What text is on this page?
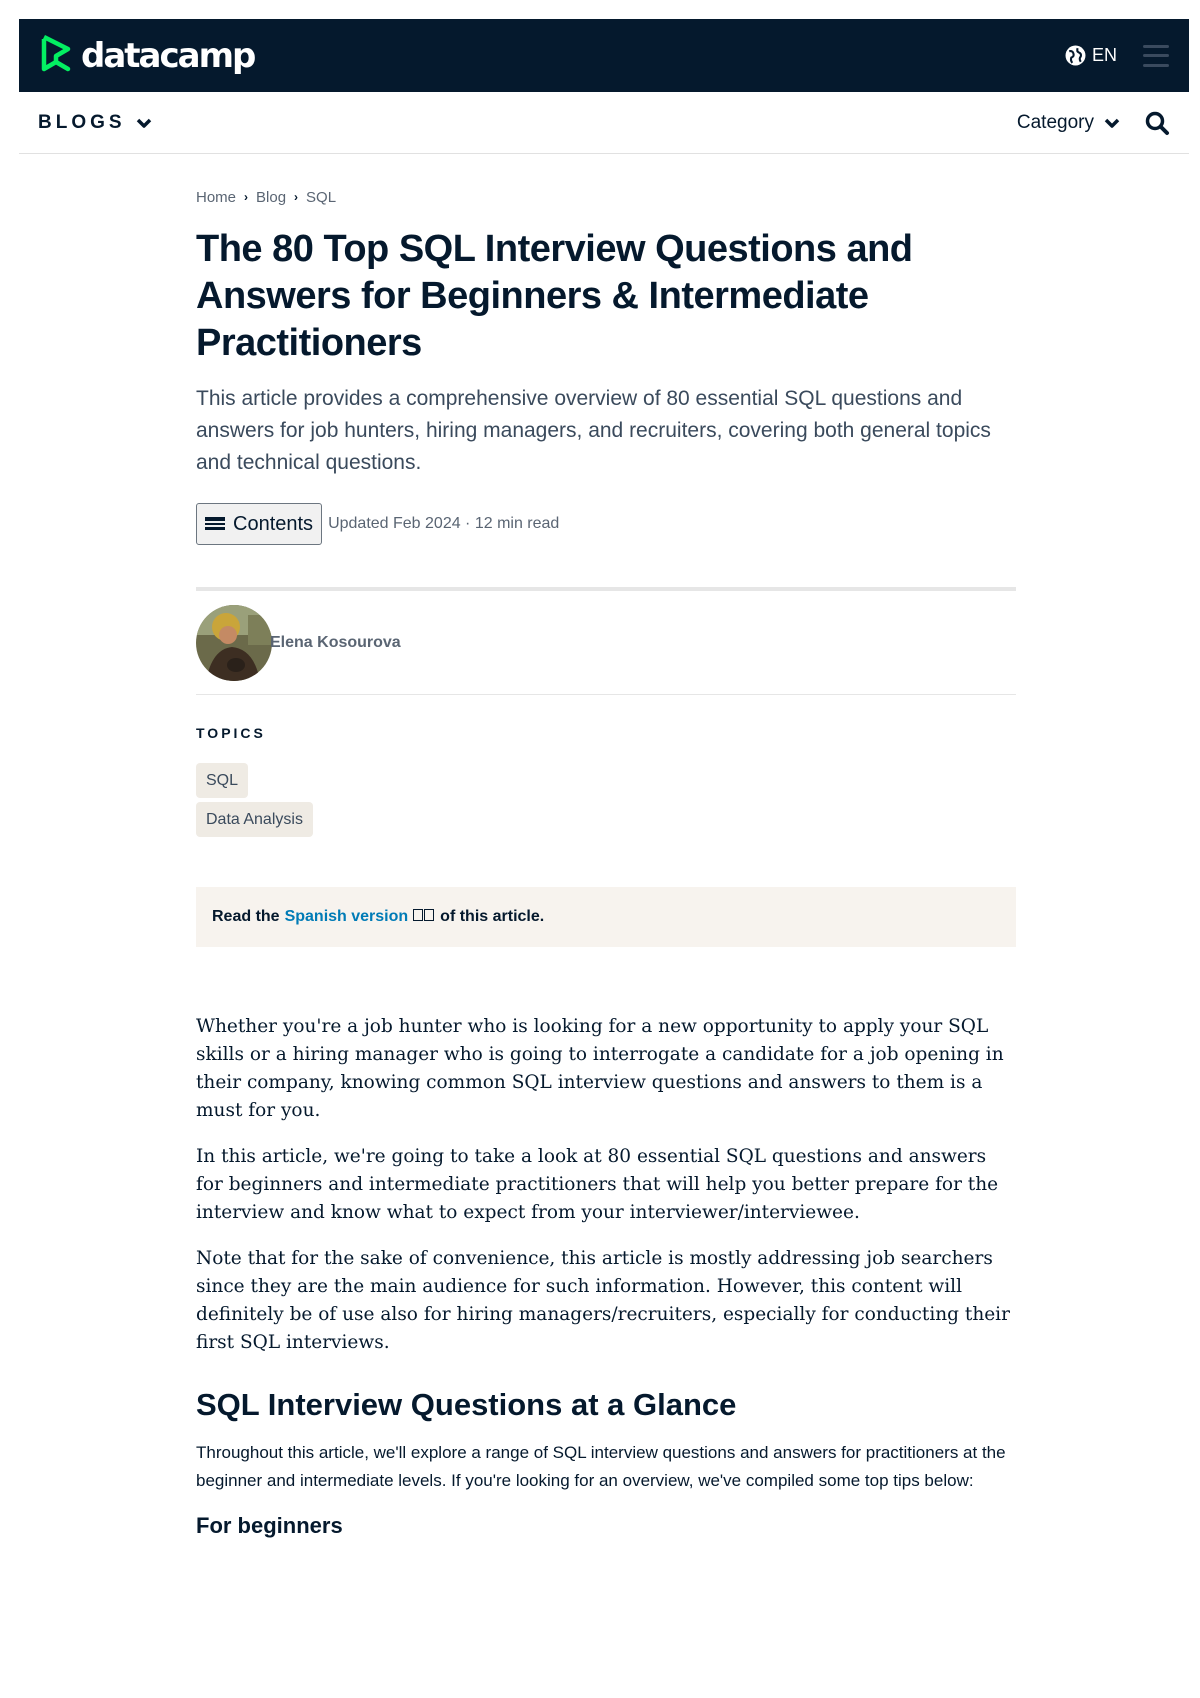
datacamp	EN
BLOGS	Category
Home › Blog › SQL
The 80 Top SQL Interview Questions and Answers for Beginners & Intermediate Practitioners

This article provides a comprehensive overview of 80 essential SQL questions and answers for job hunters, hiring managers, and recruiters, covering both general topics and technical questions.

Contents Updated Feb 2024 · 12 min read
Elena Kosourova
TOPICS
SQL
Data Analysis
Read the Spanish version of this article.

Whether you're a job hunter who is looking for a new opportunity to apply your SQL skills or a hiring manager who is going to interrogate a candidate for a job opening in their company, knowing common SQL interview questions and answers to them is a must for you.

In this article, we're going to take a look at 80 essential SQL questions and answers for beginners and intermediate practitioners that will help you better prepare for the interview and know what to expect from your interviewer/interviewee.

Note that for the sake of convenience, this article is mostly addressing job searchers since they are the main audience for such information. However, this content will definitely be of use also for hiring managers/recruiters, especially for conducting their first SQL interviews.

SQL Interview Questions at a Glance

Throughout this article, we'll explore a range of SQL interview questions and answers for practitioners at the beginner and intermediate levels. If you're looking for an overview, we've compiled some top tips below:

For beginners
